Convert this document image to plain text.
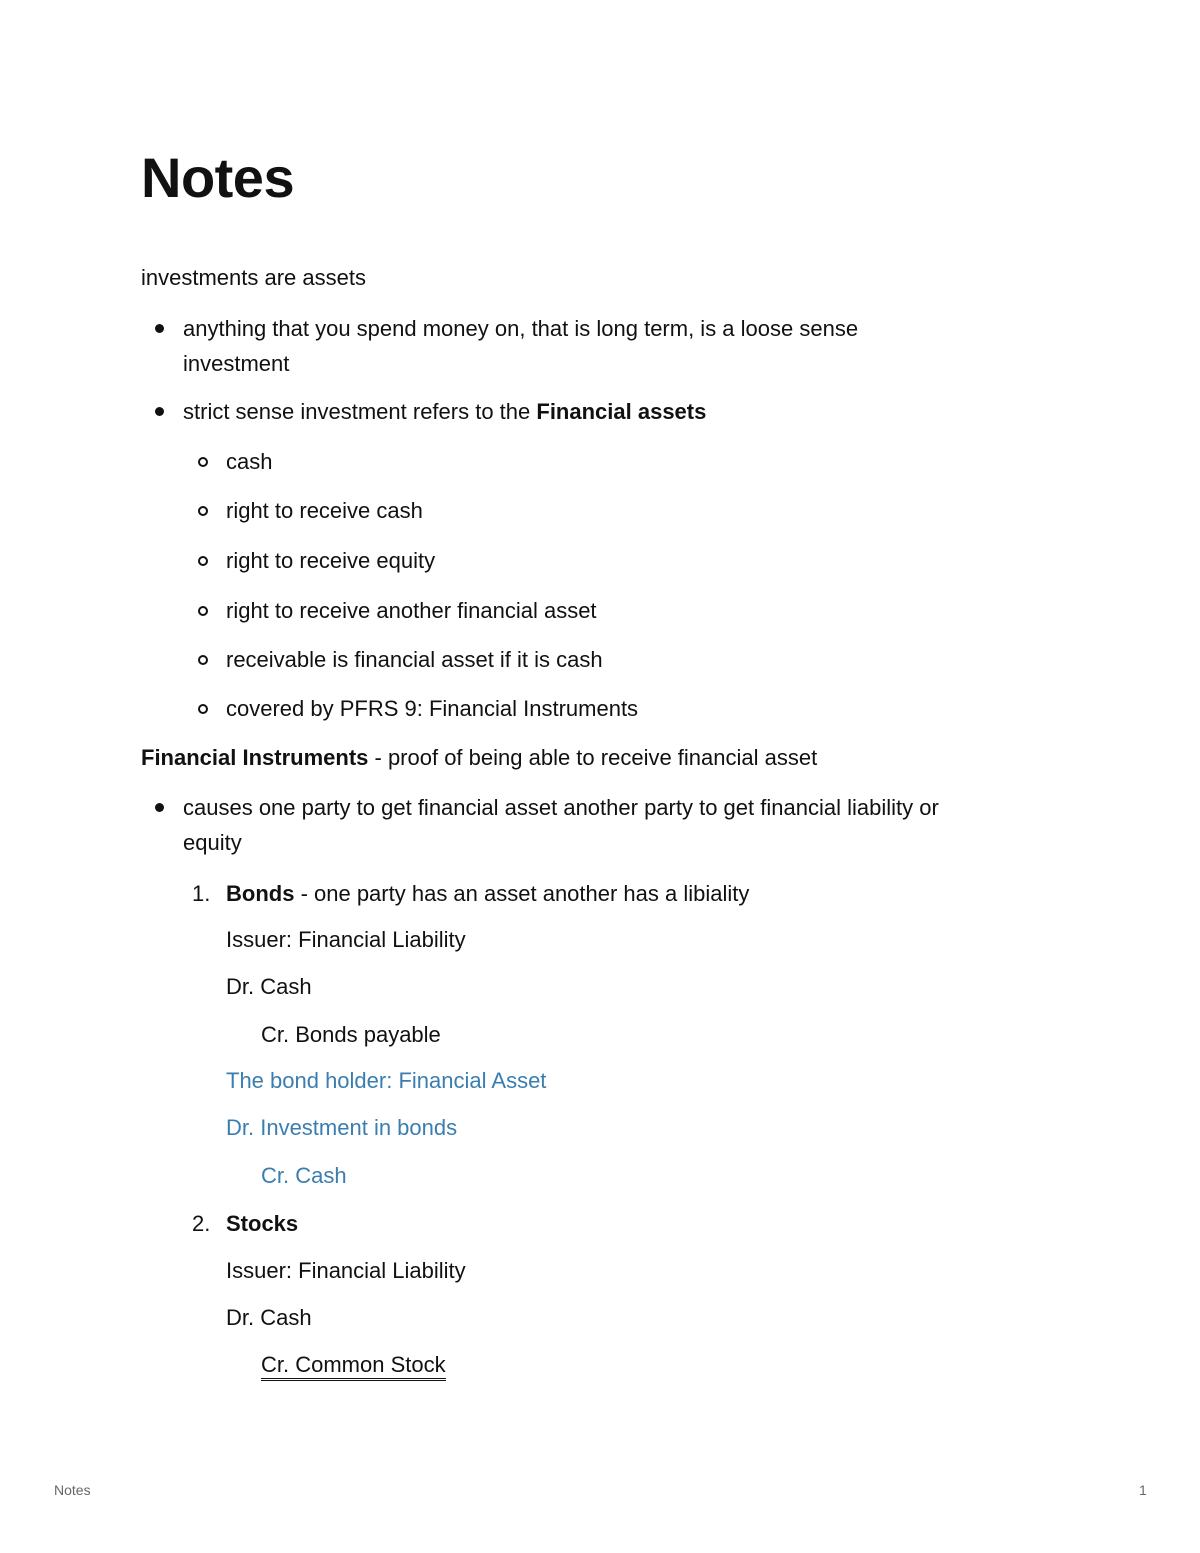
Notes
investments are assets
anything that you spend money on, that is long term, is a loose sense
investment
strict sense investment refers to the Financial assets
cash
right to receive cash
right to receive equity
right to receive another financial asset
receivable is financial asset if it is cash
covered by PFRS 9: Financial Instruments
Financial Instruments - proof of being able to receive financial asset
causes one party to get financial asset another party to get financial liability or
equity
1. Bonds - one party has an asset another has a libiality
Issuer: Financial Liability
Dr. Cash
Cr. Bonds payable
The bond holder: Financial Asset
Dr. Investment in bonds
Cr. Cash
2. Stocks
Issuer: Financial Liability
Dr. Cash
Cr. Common Stock
Notes	1
